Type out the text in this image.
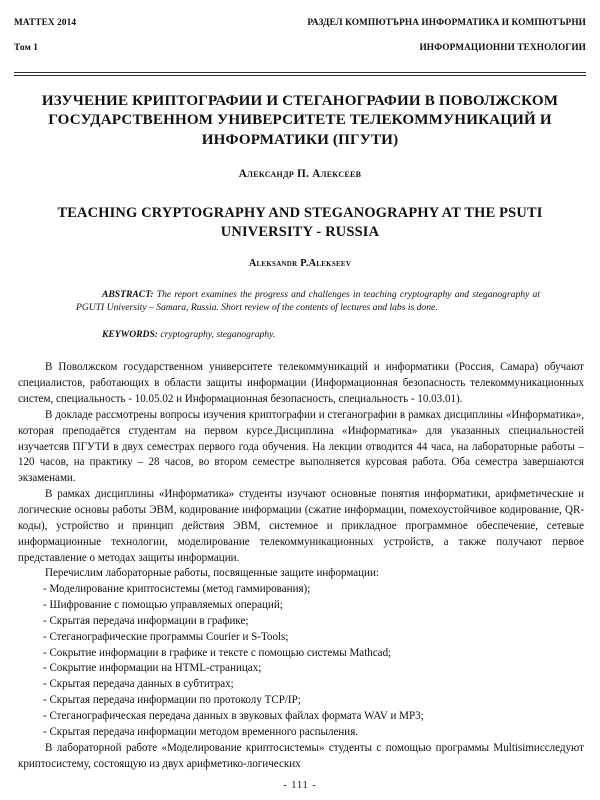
MATTEX 2014

Том 1

РАЗДЕЛ КОМПЮТЪРНА ИНФОРМАТИКА И КОМПЮТЪРНИ

ИНФОРМАЦИОННИ ТЕХНОЛОГИИ

ИЗУЧЕНИЕ КРИПТОГРАФИИ И СТЕГАНОГРАФИИ В ПОВОЛЖСКОМ ГОСУДАРСТВЕННОМ УНИВЕРСИТЕТЕ ТЕЛЕКОММУНИКАЦИЙ И ИНФОРМАТИКИ (ПГУТИ)
Александр П. Алексеев
TEACHING CRYPTOGRAPHY AND STEGANOGRAPHY AT THE PSUTI UNIVERSITY - RUSSIA
Aleksandr P.Alekseev

ABSTRACT: The report examines the progress and challenges in teaching cryptography and steganography at PGUTI University – Samara, Russia. Short review of the contents of lectures and labs is done.

KEYWORDS: cryptography, steganography.

В Поволжском государственном университете телекоммуникаций и информатики (Россия, Самара) обучают специалистов, работающих в области защиты информации (Информационная безопасность телекоммуникационных систем, специальность - 10.05.02 и Информационная безопасность, специальность - 10.03.01).

В докладе рассмотрены вопросы изучения криптографии и стеганографии в рамках дисциплины «Информатика», которая преподаётся студентам на первом курсе.Дисциплина «Информатика» для указанных специальностей изучаетсяв ПГУТИ в двух семестрах первого года обучения. На лекции отводится 44 часа, на лабораторные работы – 120 часов, на практику – 28 часов, во втором семестре выполняется курсовая работа. Оба семестра завершаются экзаменами.

В рамках дисциплины «Информатика» студенты изучают основные понятия информатики, арифметические и логические основы работы ЭВМ, кодирование информации (сжатие информации, помехоустойчивое кодирование, QR-коды), устройство и принцип действия ЭВМ, системное и прикладное программное обеспечение, сетевые информационные технологии, моделирование телекоммуникационных устройств, а также получают первое представление о методах защиты информации.

Перечислим лабораторные работы, посвященные защите информации:

- Моделирование криптосистемы (метод гаммирования);
- Шифрование с помощью управляемых операций;
- Скрытая передача информации в графике;
- Стеганографические программы Courier и S-Tools;
- Сокрытие информации в графике и тексте с помощью системы Mathcad;
- Сокрытие информации на HTML-страницах;
- Скрытая передача данных в субтитрах;
- Скрытая передача информации по протоколу TCP/IP;
- Стеганографическая передача данных в звуковых файлах формата WAV и MP3;
- Скрытая передача информации методом временного распыления.

В лабораторной работе «Моделирование криптосистемы» студенты с помощью программы Multisimисследуют криптосистему, состоящую из двух арифметико-логических

- 111 -
